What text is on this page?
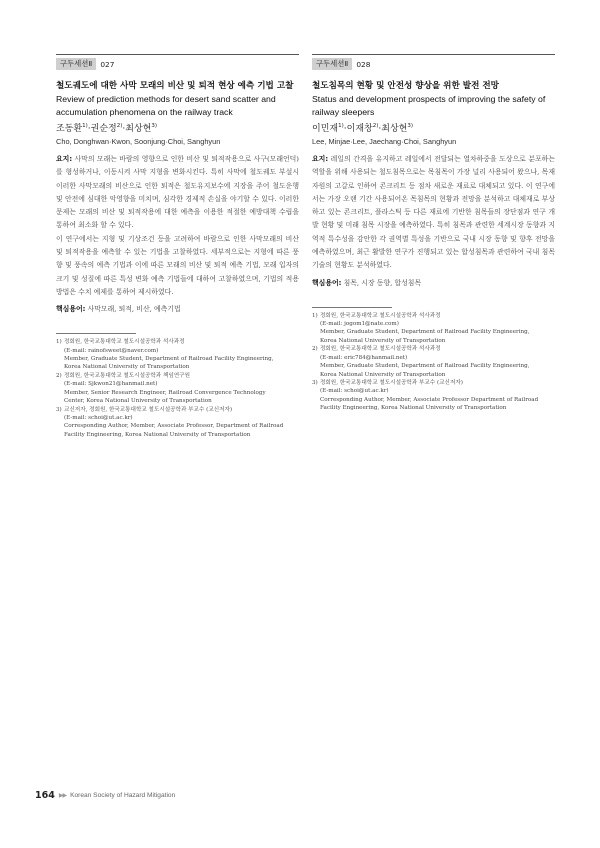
구두세션Ⅱ	027
철도궤도에 대한 사막 모래의 비산 및 퇴적 현상 예측 기법 고찰
Review of prediction methods for desert sand scatter and accumulation phenomena on the railway track
조동환$^{1)}$·권순정$^{2)}$·최상현$^{3)}$
Cho, Donghwan·Kwon, Soonjung·Choi, Sanghyun

요지: 사막의 모래는 바람의 영향으로 인한 비산 및 퇴적작용으로 사구(모래언덕)를 형성하거나, 이동시켜 사막 지형을 변화시킨다. 특히 사막에 철도궤도 부설시 이러한 사막모래의 비산으로 인한 퇴적은 철도유지보수에 지장을 주어 철도운행 및 안전에 심대한 악영향을 미치며, 심각한 경제적 손실을 야기할 수 있다. 이러한 문제는 모래의 비산 및 퇴적작용에 대한 예측을 이용한 적절한 예방대책 수립을 통하여 최소화 할 수 있다.

이 연구에서는 지형 및 기상조건 등을 고려하여 바람으로 인한 사막모래의 비산 및 퇴적작용을 예측할 수 있는 기법을 고찰하였다. 세부적으로는 지형에 따른 풍향 및 풍속의 예측 기법과 이에 따른 모래의 비산 및 퇴적 예측 기법, 모래 입자의 크기 및 성질에 따른 특성 변화 예측 기법들에 대하여 고찰하였으며, 기법의 적용 방법은 수치 예제를 통하여 제시하였다.

핵심용어: 사막모래, 퇴적, 비산, 예측기법
1) 정회원, 한국교통대학교 철도시설공학과 석사과정
(E-mail: rainofsweet@naver.com)
Member, Graduate Student, Department of Railroad Facility Engineering,
Korea National University of Transportation
2) 정회원, 한국교통대학교 철도시설공학과 책임연구원
(E-mail: Sjkwon21@hanmail.net)
Member, Senior Research Engineer, Railroad Convergence Technology
Center, Korea National University of Transportation
3) 교신저자, 정회원, 한국교통대학교 철도시설공학과 부교수 (교신저자)
(E-mail: schoi@ut.ac.kr)
Corresponding Author, Member, Associate Professor, Department of Railroad
Facility Engineering, Korea National University of Transportation
구두세션Ⅱ	028
철도침목의 현황 및 안전성 향상을 위한 발전 전망
Status and development prospects of improving the safety of railway sleepers
이민재$^{1)}$·이재창$^{2)}$·최상현$^{3)}$
Lee, Minjae·Lee, Jaechang·Choi, Sanghyun

요지: 레일의 간격을 유지하고 레일에서 전달되는 열차하중을 도상으로 분포하는 역할을 위해 사용되는 철도침목으로는 목침목이 가장 널리 사용되어 왔으나, 목재 자원의 고갈로 인하여 콘크리트 등 점차 새로운 재료로 대체되고 있다. 이 연구에서는 가장 오랜 기간 사용되어온 목침목의 현황과 전망을 분석하고 대체재로 부상하고 있는 콘크리트, 플라스틱 등 다른 재료에 기반한 침목들의 장단점과 연구 개발 현황 및 미래 침목 시장을 예측하였다. 특히 침목과 관련한 세계시장 동향과 지역적 특수성을 감안한 각 권역별 특성을 기반으로 국내 시장 동향 및 향후 전망을 예측하였으며, 최근 활발한 연구가 진행되고 있는 합성침목과 관련하여 국내 침목기술의 현황도 분석하였다.

핵심용어: 침목, 시장 동향, 합성침목
1) 정회원, 한국교통대학교 철도시설공학과 석사과정
(E-mail: jogom1@nate.com)
Member, Graduate Student, Department of Railroad Facility Engineering,
Korea National University of Transportation
2) 정회원, 한국교통대학교 철도시설공학과 석사과정
(E-mail: eric784@hanmail.net)
Member, Graduate Student, Department of Railroad Facility Engineering,
Korea National University of Transportation
3) 정회원, 한국교통대학교 철도시설공학과 부교수 (교신저자)
(E-mail: schoi@ut.ac.kr)
Corresponding Author, Member, Associate Professor Department of Railroad
Facility Engineering, Korea National University of Transportation
164 ▶▶ Korean Society of Hazard Mitigation
